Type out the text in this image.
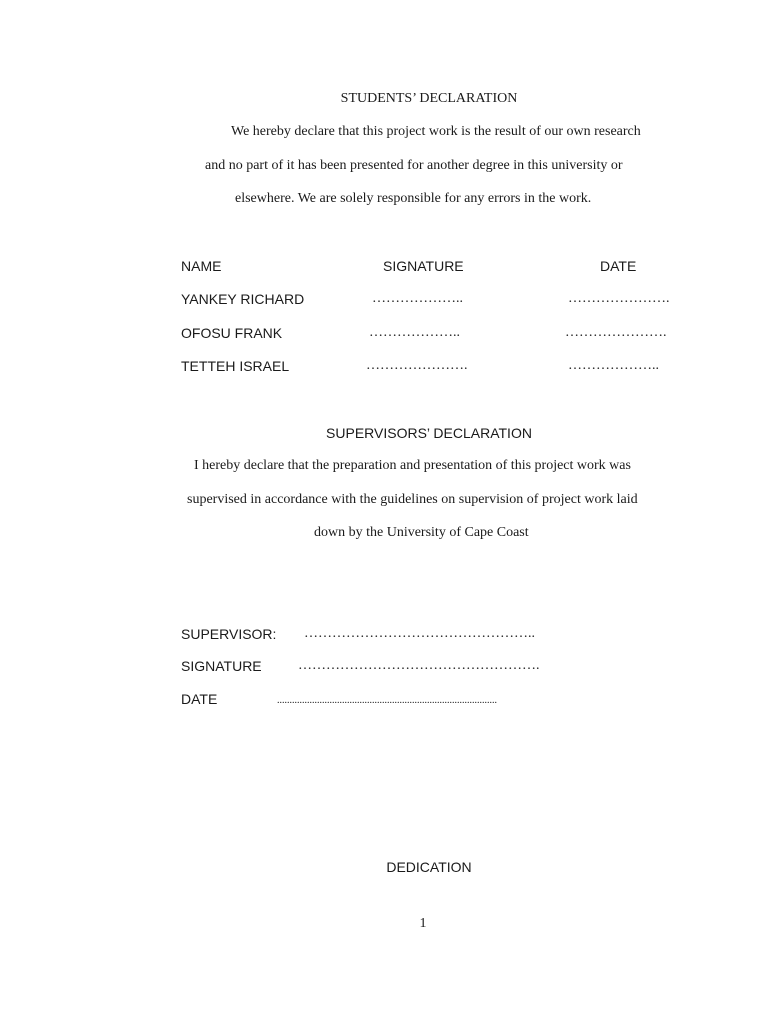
STUDENTS’ DECLARATION
We hereby declare that this project work is the result of our own research
and no part of it has been presented for another degree in this university or
elsewhere. We are solely responsible for any errors in the work.
NAME	SIGNATURE	DATE
YANKEY RICHARD	………………..	………………….
OFOSU FRANK	………………..	………………….
TETTEH ISRAEL	………………….	………………..
SUPERVISORS’ DECLARATION
I hereby declare that the preparation and presentation of this project work was
supervised in accordance with the guidelines on supervision of project work laid
down by the University of Cape Coast
SUPERVISOR: …………………………………………..
SIGNATURE	…………………………………………….
DATE	........................................................................................
DEDICATION
1
